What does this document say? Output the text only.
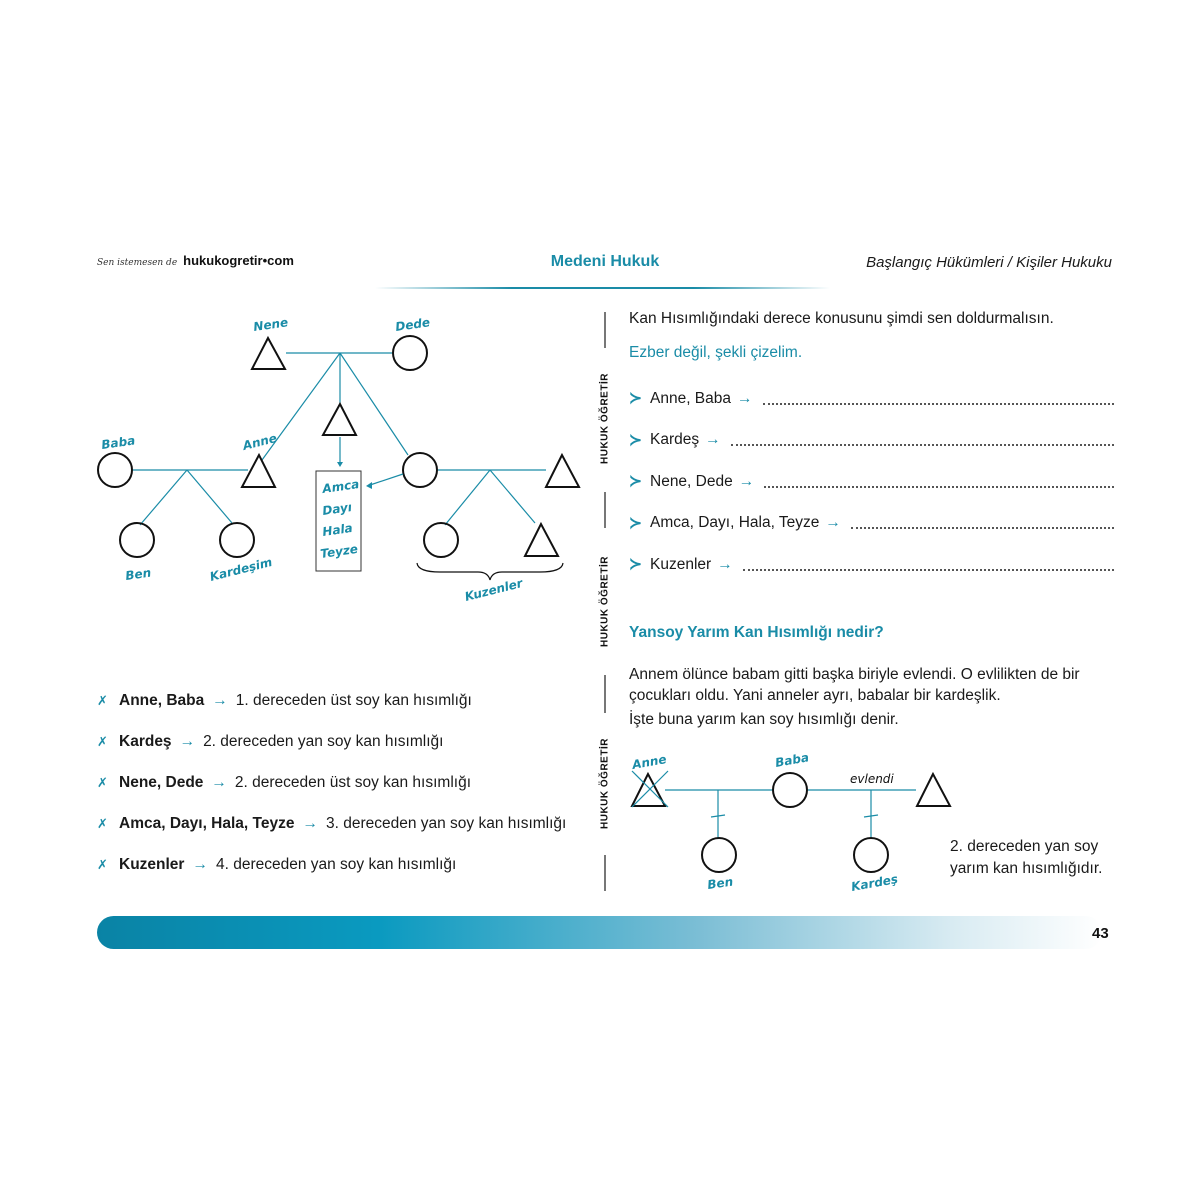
Sen istemesen de hukukogretir•com	Medeni Hukuk	Başlangıç Hükümleri / Kişiler Hukuku
Nene	Dede
Baba	Anne
Ben	Kardeşim
Kuzenler
Amca
Dayı
Hala
Teyze
✗ Anne, Baba → 1. dereceden üst soy kan hısımlığı
✗ Kardeş → 2. dereceden yan soy kan hısımlığı
✗ Nene, Dede → 2. dereceden üst soy kan hısımlığı
✗ Amca, Dayı, Hala, Teyze → 3. dereceden yan soy kan hısımlığı
✗ Kuzenler → 4. dereceden yan soy kan hısımlığı
HUKUK ÖĞRETİR
HUKUK ÖĞRETİR
HUKUK ÖĞRETİR
Kan Hısımlığındaki derece konusunu şimdi sen doldurmalısın.
Ezber değil, şekli çizelim.
≻ Anne, Baba →
≻ Kardeş →
≻ Nene, Dede →
≻ Amca, Dayı, Hala, Teyze →
≻ Kuzenler →
Yansoy Yarım Kan Hısımlığı nedir?
Annem ölünce babam gitti başka biriyle evlendi. O evlilikten de bir çocukları oldu. Yani anneler ayrı, babalar bir kardeşlik.
İşte buna yarım kan soy hısımlığı denir.
Anne	Baba
evlendi
Ben	Kardeş
2. dereceden yan soy
yarım kan hısımlığıdır.
43
